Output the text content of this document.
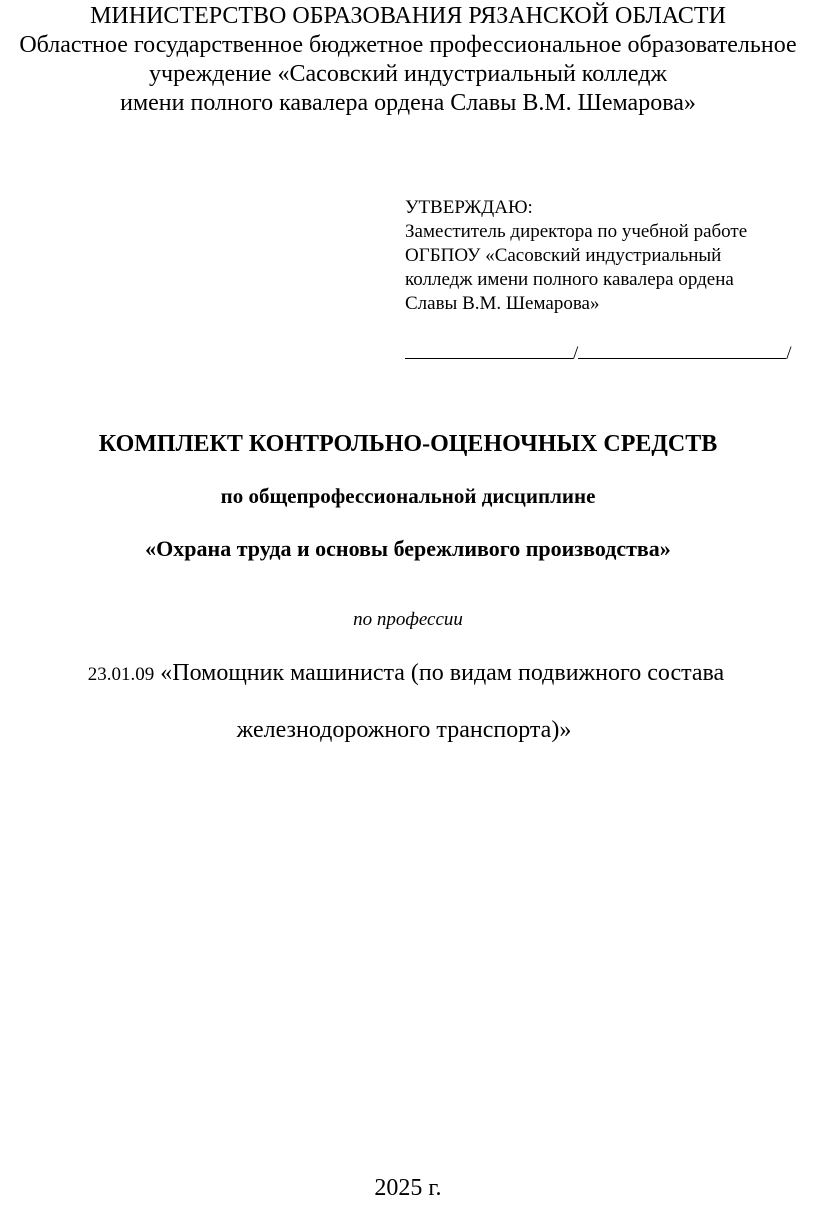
МИНИСТЕРСТВО ОБРАЗОВАНИЯ РЯЗАНСКОЙ ОБЛАСТИ
Областное государственное бюджетное профессиональное образовательное
учреждение «Сасовский индустриальный колледж
имени полного кавалера ордена Славы В.М. Шемарова»
УТВЕРЖДАЮ:
Заместитель директора по учебной работе
ОГБПОУ «Сасовский индустриальный
колледж имени полного кавалера ордена
Славы В.М. Шемарова»
/	/
КОМПЛЕКТ КОНТРОЛЬНО-ОЦЕНОЧНЫХ СРЕДСТВ
по общепрофессиональной дисциплине
«Охрана труда и основы бережливого производства»
по профессии
23.01.09 «Помощник машиниста (по видам подвижного состава
железнодорожного транспорта)»
2025 г.
